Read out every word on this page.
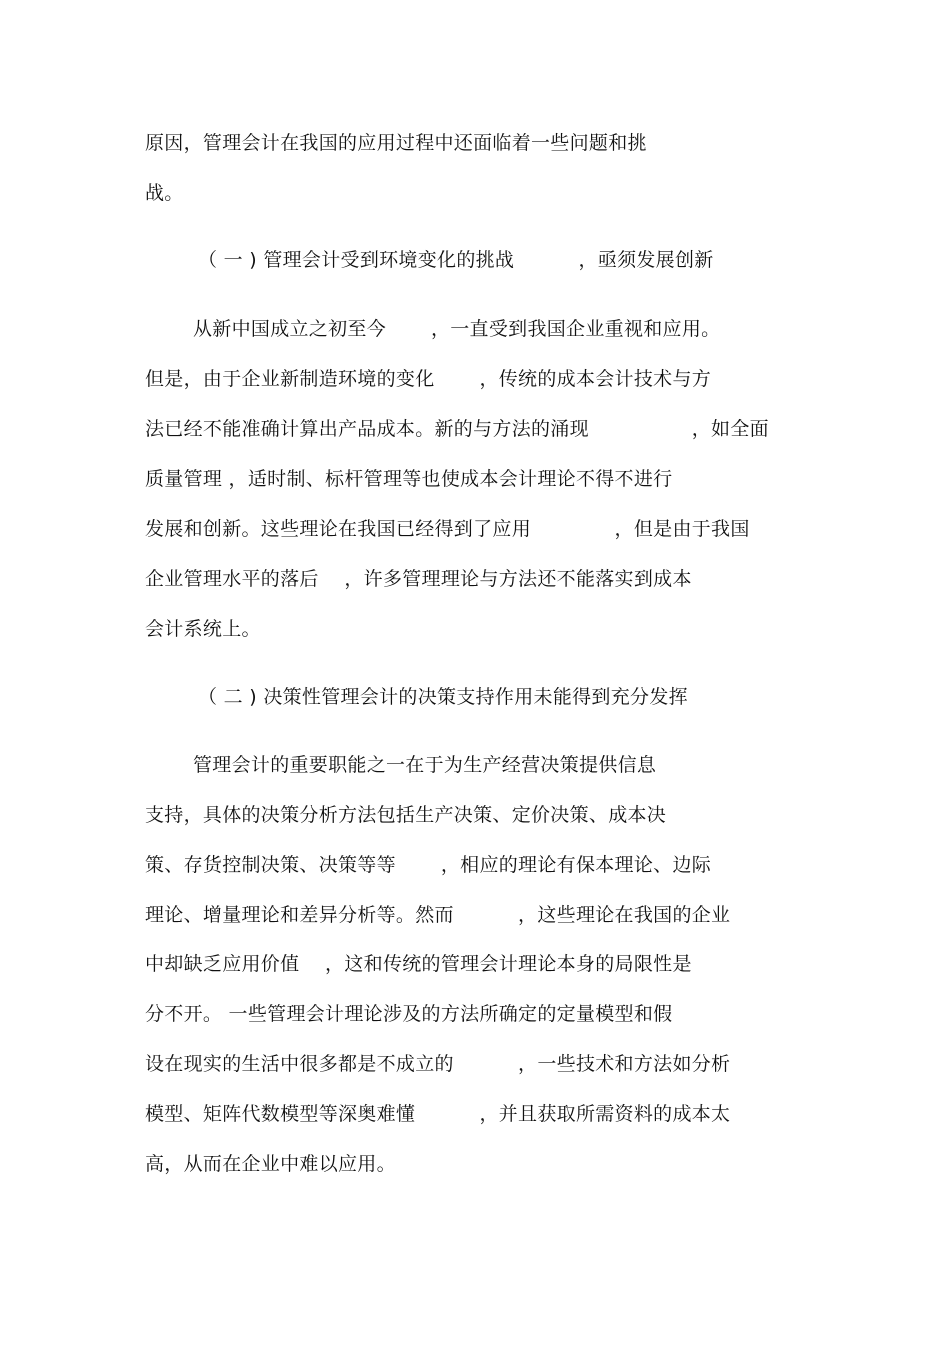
原因，管理会计在我国的应用过程中还面临着一些问题和挑

战。

（ 一 ) 管理会计受到环境变化的挑战 　　　，亟须发展创新

从新中国成立之初至今 　　，一直受到我国企业重视和应用。

但是，由于企业新制造环境的变化 　　，传统的成本会计技术与方

法已经不能准确计算出产品成本。新的与方法的涌现 　　　　　，如全面

质量管理 ，适时制、标杆管理等也使成本会计理论不得不进行

发展和创新。这些理论在我国已经得到了应用 　　　　，但是由于我国

企业管理水平的落后 　，许多管理理论与方法还不能落实到成本

会计系统上。

（ 二 ) 决策性管理会计的决策支持作用未能得到充分发挥

管理会计的重要职能之一在于为生产经营决策提供信息

支持，具体的决策分析方法包括生产决策、定价决策、成本决

策、存货控制决策、决策等等 　　，相应的理论有保本理论、边际

理论、增量理论和差异分析等。然而 　　　，这些理论在我国的企业

中却缺乏应用价值 　，这和传统的管理会计理论本身的局限性是

分不开。 一些管理会计理论涉及的方法所确定的定量模型和假

设在现实的生活中很多都是不成立的 　　　，一些技术和方法如分析

模型、矩阵代数模型等深奥难懂 　　　，并且获取所需资料的成本太

高，从而在企业中难以应用。
